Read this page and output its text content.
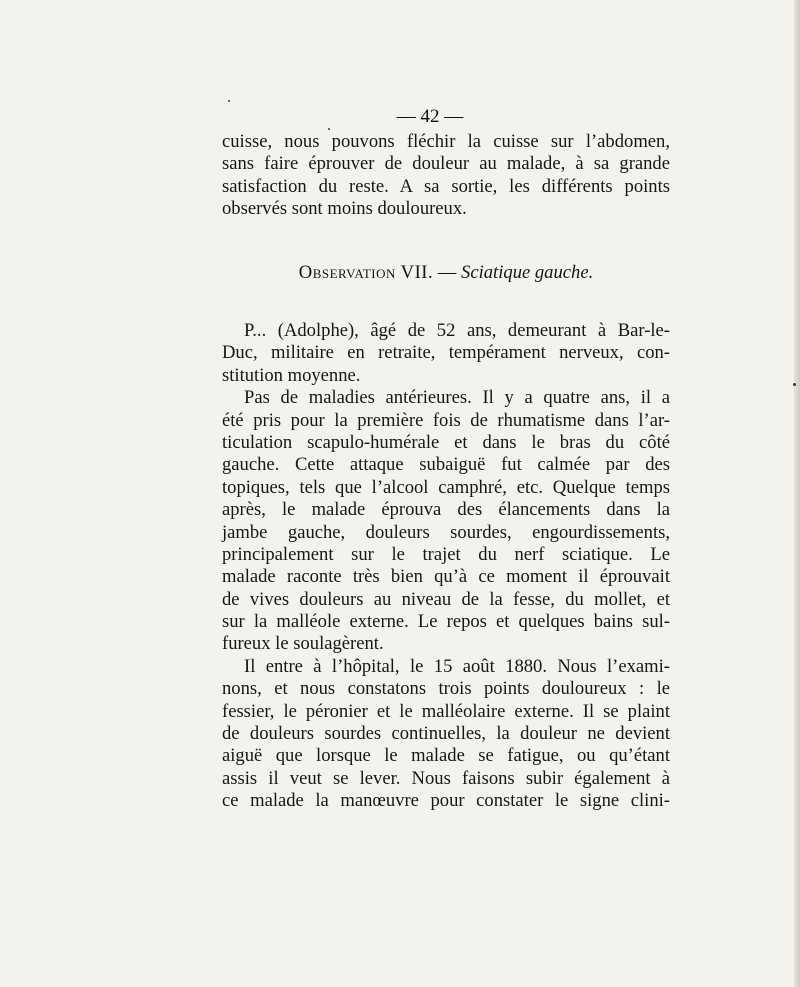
— 42 —
cuisse, nous pouvons fléchir la cuisse sur l’abdomen,
sans faire éprouver de douleur au malade, à sa grande
satisfaction du reste. A sa sortie, les différents points
observés sont moins douloureux.
Observation VII. — Sciatique gauche.
P... (Adolphe), âgé de 52 ans, demeurant à Bar-le-
Duc, militaire en retraite, tempérament nerveux, con-
stitution moyenne.
Pas de maladies antérieures. Il y a quatre ans, il a
été pris pour la première fois de rhumatisme dans l’ar-
ticulation scapulo-humérale et dans le bras du côté
gauche. Cette attaque subaiguë fut calmée par des
topiques, tels que l’alcool camphré, etc. Quelque temps
après, le malade éprouva des élancements dans la
jambe gauche, douleurs sourdes, engourdissements,
principalement sur le trajet du nerf sciatique. Le
malade raconte très bien qu’à ce moment il éprouvait
de vives douleurs au niveau de la fesse, du mollet, et
sur la malléole externe. Le repos et quelques bains sul-
fureux le soulagèrent.
Il entre à l’hôpital, le 15 août 1880. Nous l’exami-
nons, et nous constatons trois points douloureux : le
fessier, le péronier et le malléolaire externe. Il se plaint
de douleurs sourdes continuelles, la douleur ne devient
aiguë que lorsque le malade se fatigue, ou qu’étant
assis il veut se lever. Nous faisons subir également à
ce malade la manœuvre pour constater le signe clini-
